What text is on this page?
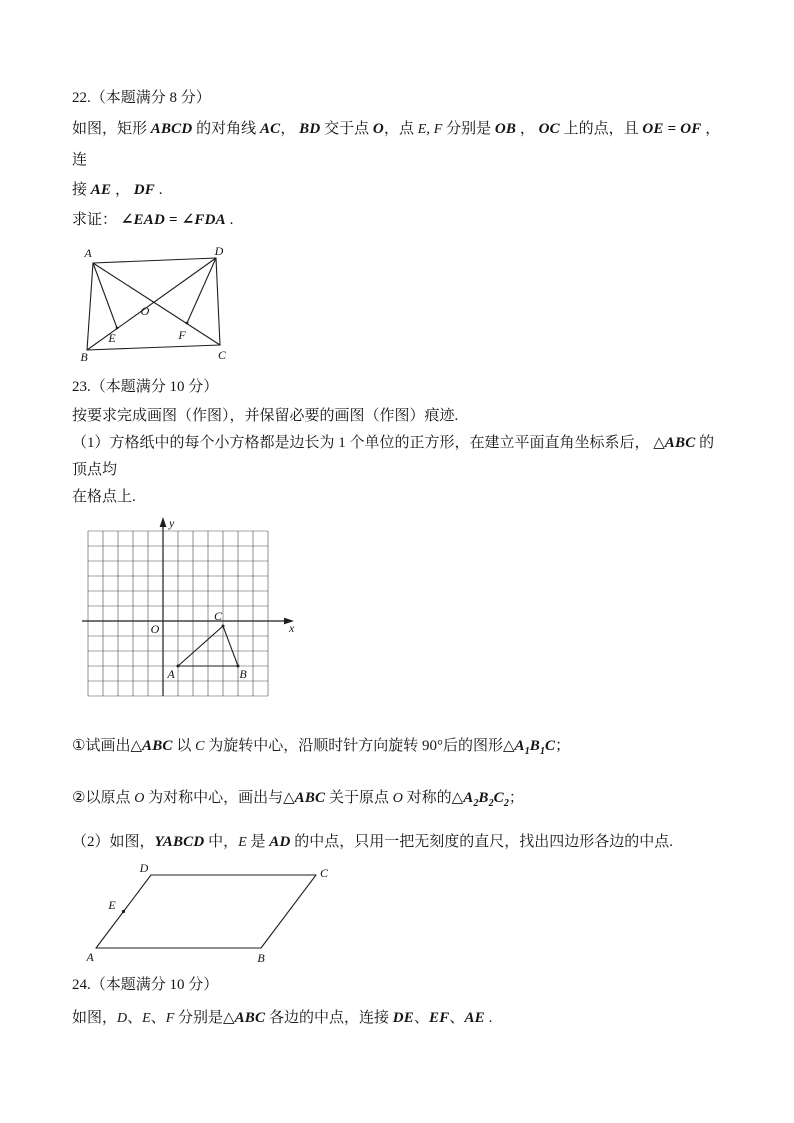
22.（本题满分 8 分）
如图，矩形 ABCD 的对角线 AC， BD 交于点 O，点 E, F 分别是 OB ， OC 上的点，且 OE = OF ，连
接 AE ， DF .
求证： ∠EAD = ∠FDA .
A	D
O
E	F
B	C
23.（本题满分 10 分）
按要求完成画图（作图），并保留必要的画图（作图）痕迹.
（1）方格纸中的每个小方格都是边长为 1 个单位的正方形，在建立平面直角坐标系后， △ABC 的顶点均
在格点上.
y
x
O
A	B
C
①试画出△ABC 以 C 为旋转中心，沿顺时针方向旋转 90°后的图形$\triangle A_1B_1C$；
②以原点 O 为对称中心，画出与△ABC 关于原点 O 对称的$\triangle A_2B_2C_2$；
（2）如图，YABCD 中，E 是 AD 的中点，只用一把无刻度的直尺，找出四边形各边的中点.
D	C
E
A	B
24.（本题满分 10 分）
如图，D、E、F 分别是△ABC 各边的中点，连接 DE、EF、AE .
